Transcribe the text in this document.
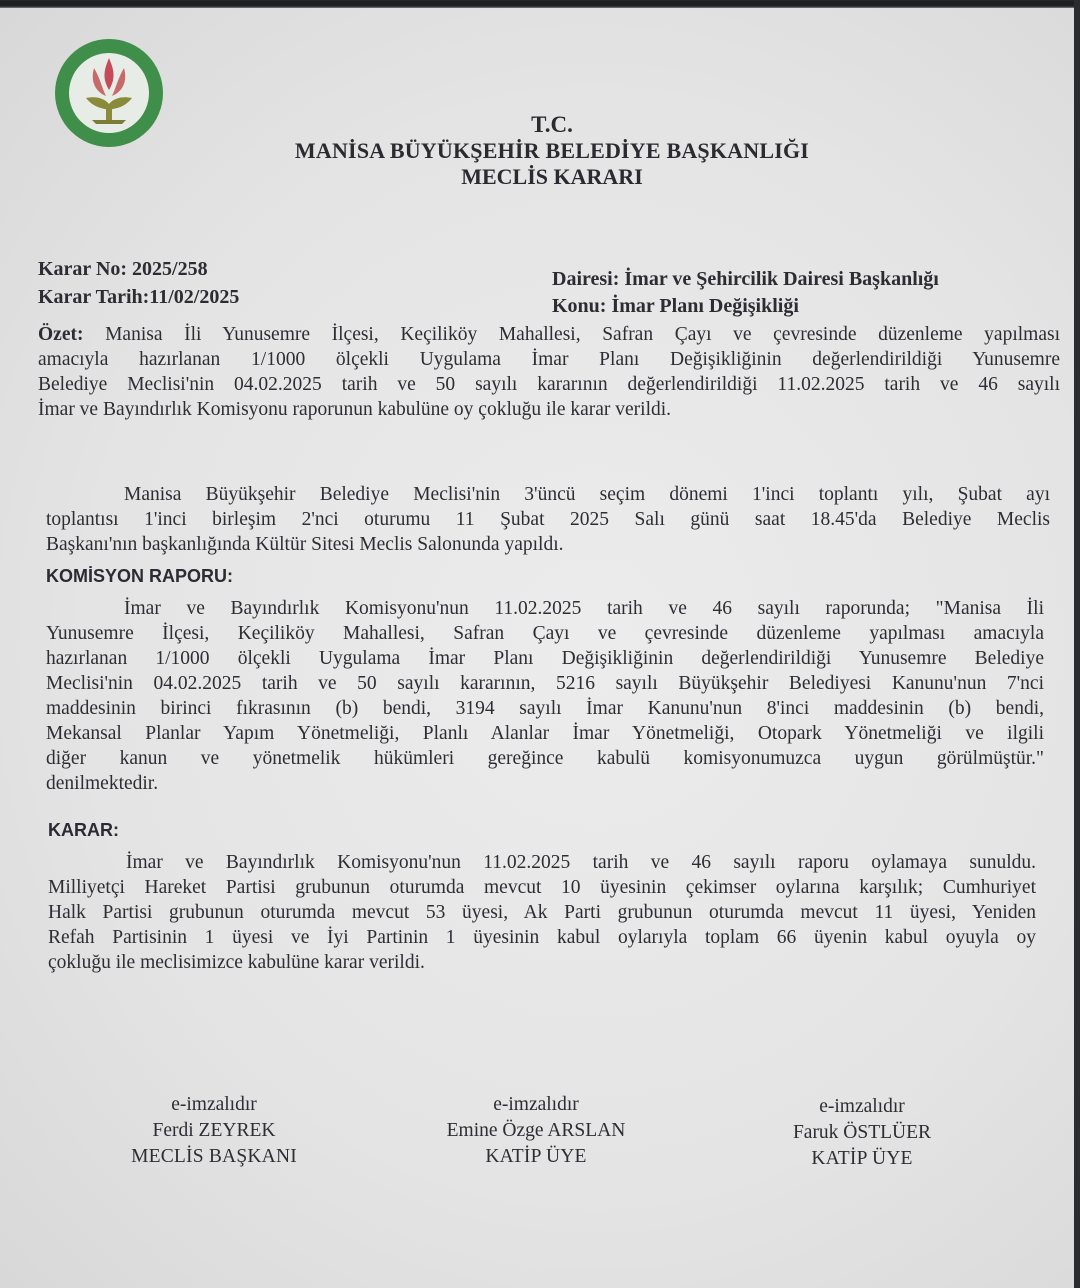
T.C.
MANİSA BÜYÜKŞEHİR BELEDİYE BAŞKANLIĞI
MECLİS KARARI
Karar No: 2025/258
Karar Tarih:11/02/2025
Dairesi: İmar ve Şehircilik Dairesi Başkanlığı
Konu: İmar Planı Değişikliği

Özet: Manisa İli Yunusemre İlçesi, Keçiliköy Mahallesi, Safran Çayı ve çevresinde düzenleme yapılması

amacıyla hazırlanan 1/1000 ölçekli Uygulama İmar Planı Değişikliğinin değerlendirildiği Yunusemre

Belediye Meclisi'nin 04.02.2025 tarih ve 50 sayılı kararının değerlendirildiği 11.02.2025 tarih ve 46 sayılı

İmar ve Bayındırlık Komisyonu raporunun kabulüne oy çokluğu ile karar verildi.

Manisa Büyükşehir Belediye Meclisi'nin 3'üncü seçim dönemi 1'inci toplantı yılı, Şubat ayı

toplantısı 1'inci birleşim 2'nci oturumu 11 Şubat 2025 Salı günü saat 18.45'da Belediye Meclis

Başkanı'nın başkanlığında Kültür Sitesi Meclis Salonunda yapıldı.

KOMİSYON RAPORU:

İmar ve Bayındırlık Komisyonu'nun 11.02.2025 tarih ve 46 sayılı raporunda; "Manisa İli

Yunusemre İlçesi, Keçiliköy Mahallesi, Safran Çayı ve çevresinde düzenleme yapılması amacıyla

hazırlanan 1/1000 ölçekli Uygulama İmar Planı Değişikliğinin değerlendirildiği Yunusemre Belediye

Meclisi'nin 04.02.2025 tarih ve 50 sayılı kararının, 5216 sayılı Büyükşehir Belediyesi Kanunu'nun 7'nci

maddesinin birinci fıkrasının (b) bendi, 3194 sayılı İmar Kanunu'nun 8'inci maddesinin (b) bendi,

Mekansal Planlar Yapım Yönetmeliği, Planlı Alanlar İmar Yönetmeliği, Otopark Yönetmeliği ve ilgili

diğer kanun ve yönetmelik hükümleri gereğince kabulü komisyonumuzca uygun görülmüştür."

denilmektedir.

KARAR:

İmar ve Bayındırlık Komisyonu'nun 11.02.2025 tarih ve 46 sayılı raporu oylamaya sunuldu.

Milliyetçi Hareket Partisi grubunun oturumda mevcut 10 üyesinin çekimser oylarına karşılık; Cumhuriyet

Halk Partisi grubunun oturumda mevcut 53 üyesi, Ak Parti grubunun oturumda mevcut 11 üyesi, Yeniden

Refah Partisinin 1 üyesi ve İyi Partinin 1 üyesinin kabul oylarıyla toplam 66 üyenin kabul oyuyla oy

çokluğu ile meclisimizce kabulüne karar verildi.

e-imzalıdır
Ferdi ZEYREK
MECLİS BAŞKANI
e-imzalıdır
Emine Özge ARSLAN
KATİP ÜYE
e-imzalıdır
Faruk ÖSTLÜER
KATİP ÜYE
